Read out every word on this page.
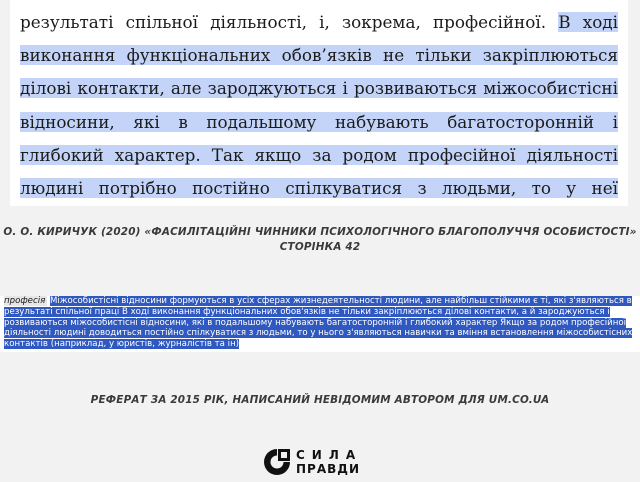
результаті спільної діяльності, і, зокрема, професійної. В ході виконання функціональних обов’язків не тільки закріплюються ділові контакти, але зароджуються і розвиваються міжособистісні відносини, які в подальшому набувають багатосторонній і глибокий характер. Так якщо за родом професійної діяльності людині потрібно постійно спілкуватися з людьми, то у неї
О. О. КИРИЧУК (2020) «ФАСИЛІТАЦІЙНІ ЧИННИКИ ПСИХОЛОГІЧНОГО БЛАГОПОЛУЧЧЯ ОСОБИСТОСТІ» СТОРІНКА 42
професія Міжособистісні відносини формуються в усіх сферах жизнедеятельності людини, але найбільш стійкими є ті, які з'являються в результаті спільної праці В ході виконання функціональних обов'язків не тільки закріплюються ділові контакти, а й зароджуються і розвиваються міжособистісні відносини, які в подальшому набувають багатосторонній і глибокий характер Якщо за родом професійної діяльності людині доводиться постійно спілкуватися з людьми, то у нього з'являються навички та вміння встановлення міжособистісних контактів (наприклад, у юристів, журналістів та ін)
РЕФЕРАТ ЗА 2015 РІК, НАПИСАНИЙ НЕВІДОМИМ АВТОРОМ ДЛЯ UM.CO.UA
СИЛА
ПРАВДИ
